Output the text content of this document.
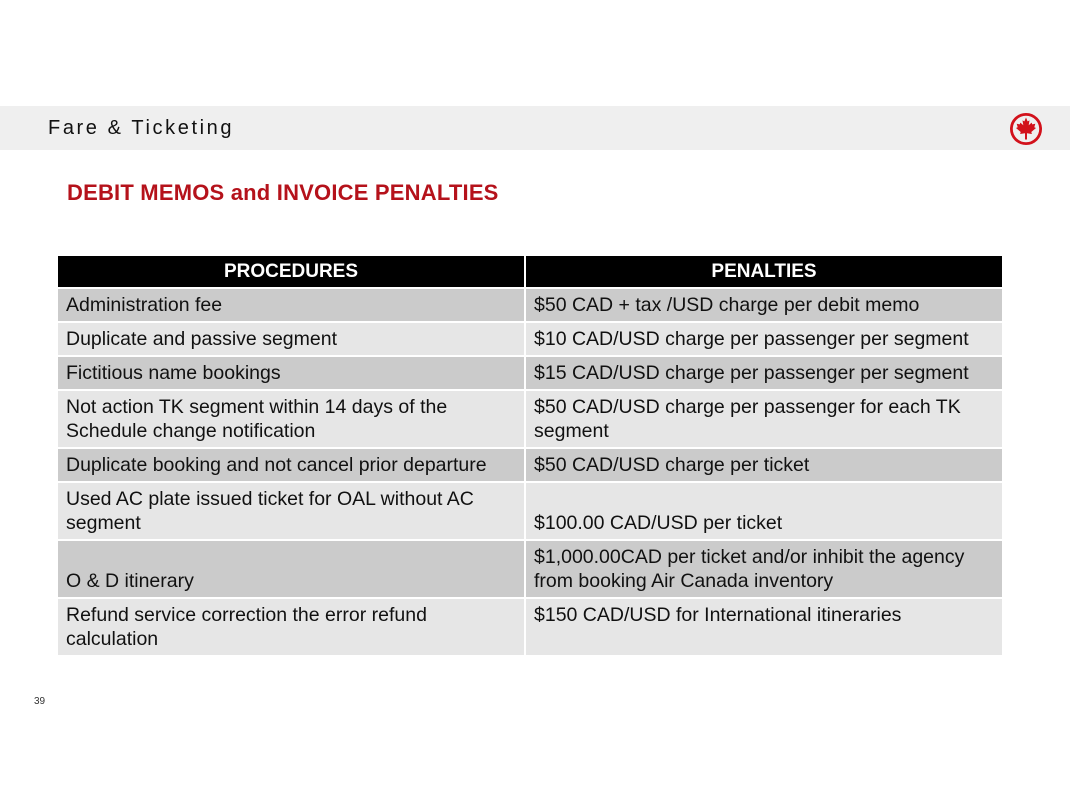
Fare & Ticketing
DEBIT MEMOS and INVOICE PENALTIES
PROCEDURES	PENALTIES
Administration fee	$50 CAD + tax /USD charge per debit memo
Duplicate and passive segment	$10 CAD/USD charge per passenger per segment
Fictitious name bookings	$15 CAD/USD charge per passenger per segment
Not action TK segment within 14 days of the Schedule change notification	$50 CAD/USD charge per passenger for each TK segment
Duplicate booking and not cancel prior departure	$50 CAD/USD charge per ticket
Used AC plate issued ticket for OAL without AC segment	$100.00 CAD/USD per ticket
O & D itinerary	$1,000.00CAD per ticket and/or inhibit the agency from booking Air Canada inventory
Refund service correction the error refund calculation	$150 CAD/USD for International itineraries
39
